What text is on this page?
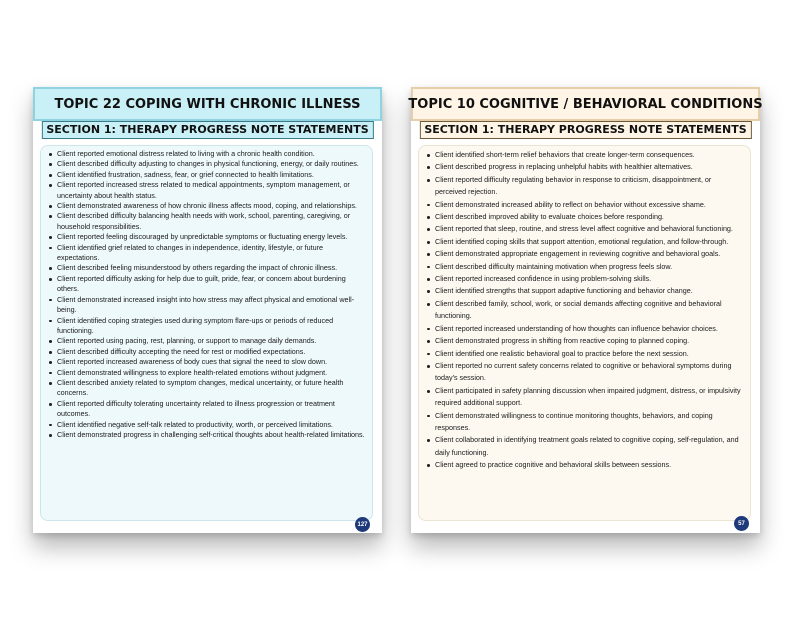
TOPIC 22 COPING WITH CHRONIC ILLNESS
SECTION 1: THERAPY PROGRESS NOTE STATEMENTS
Client reported emotional distress related to living with a chronic health condition.
Client described difficulty adjusting to changes in physical functioning, energy, or daily routines.
Client identified frustration, sadness, fear, or grief connected to health limitations.
Client reported increased stress related to medical appointments, symptom management, or uncertainty about health status.
Client demonstrated awareness of how chronic illness affects mood, coping, and relationships.
Client described difficulty balancing health needs with work, school, parenting, caregiving, or household responsibilities.
Client reported feeling discouraged by unpredictable symptoms or fluctuating energy levels.
Client identified grief related to changes in independence, identity, lifestyle, or future expectations.
Client described feeling misunderstood by others regarding the impact of chronic illness.
Client reported difficulty asking for help due to guilt, pride, fear, or concern about burdening others.
Client demonstrated increased insight into how stress may affect physical and emotional well-being.
Client identified coping strategies used during symptom flare-ups or periods of reduced functioning.
Client reported using pacing, rest, planning, or support to manage daily demands.
Client described difficulty accepting the need for rest or modified expectations.
Client reported increased awareness of body cues that signal the need to slow down.
Client demonstrated willingness to explore health-related emotions without judgment.
Client described anxiety related to symptom changes, medical uncertainty, or future health concerns.
Client reported difficulty tolerating uncertainty related to illness progression or treatment outcomes.
Client identified negative self-talk related to productivity, worth, or perceived limitations.
Client demonstrated progress in challenging self-critical thoughts about health-related limitations.
127
TOPIC 10 COGNITIVE / BEHAVIORAL CONDITIONS
SECTION 1: THERAPY PROGRESS NOTE STATEMENTS
Client identified short-term relief behaviors that create longer-term consequences.
Client described progress in replacing unhelpful habits with healthier alternatives.
Client reported difficulty regulating behavior in response to criticism, disappointment, or perceived rejection.
Client demonstrated increased ability to reflect on behavior without excessive shame.
Client described improved ability to evaluate choices before responding.
Client reported that sleep, routine, and stress level affect cognitive and behavioral functioning.
Client identified coping skills that support attention, emotional regulation, and follow-through.
Client demonstrated appropriate engagement in reviewing cognitive and behavioral goals.
Client described difficulty maintaining motivation when progress feels slow.
Client reported increased confidence in using problem-solving skills.
Client identified strengths that support adaptive functioning and behavior change.
Client described family, school, work, or social demands affecting cognitive and behavioral functioning.
Client reported increased understanding of how thoughts can influence behavior choices.
Client demonstrated progress in shifting from reactive coping to planned coping.
Client identified one realistic behavioral goal to practice before the next session.
Client reported no current safety concerns related to cognitive or behavioral symptoms during today's session.
Client participated in safety planning discussion when impaired judgment, distress, or impulsivity required additional support.
Client demonstrated willingness to continue monitoring thoughts, behaviors, and coping responses.
Client collaborated in identifying treatment goals related to cognitive coping, self-regulation, and daily functioning.
Client agreed to practice cognitive and behavioral skills between sessions.
57
